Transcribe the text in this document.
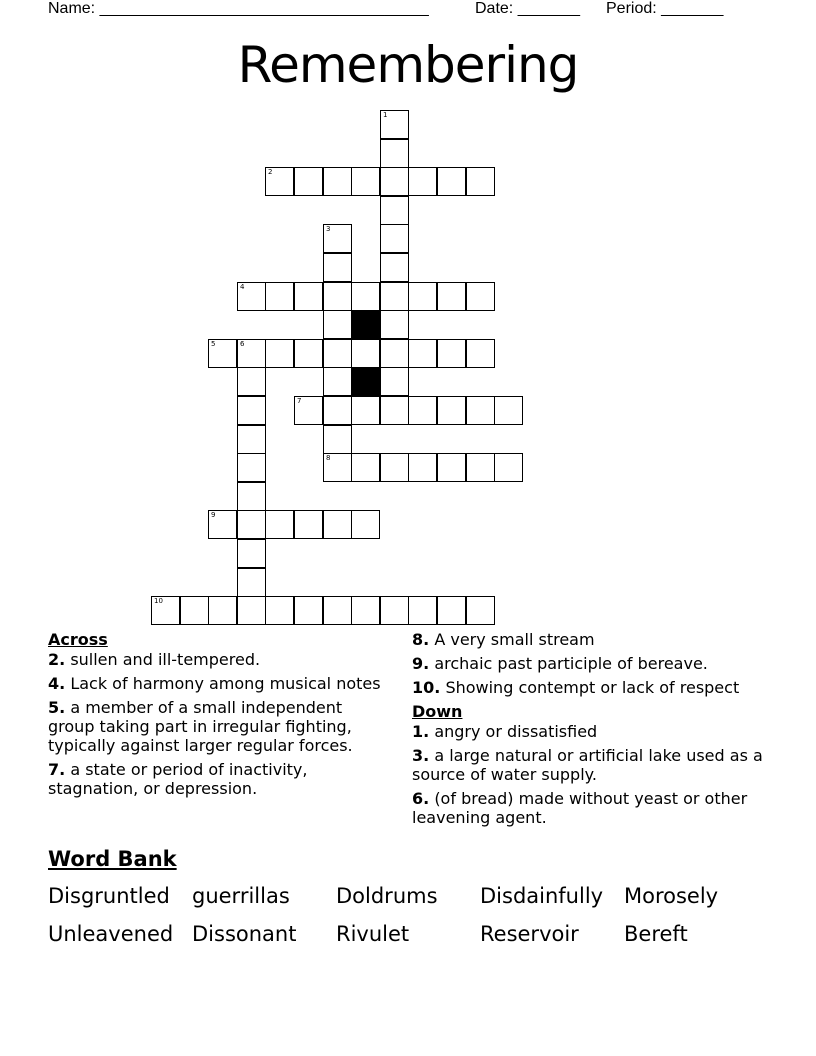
Name: _____________________________________	Date: _______ Period: _______
Remembering
1
2
3
8
4
5	6
7
9
10
Across
2. sullen and ill-tempered.
4. Lack of harmony among musical notes
5. a member of a small independent group taking part in irregular fighting, typically against larger regular forces.
7. a state or period of inactivity, stagnation, or depression.
8. A very small stream
9. archaic past participle of bereave.
10. Showing contempt or lack of respect
Down
1. angry or dissatisfied
3. a large natural or artificial lake used as a source of water supply.
6. (of bread) made without yeast or other leavening agent.
Word Bank
Disgruntled guerrillas Doldrums Disdainfully Morosely
Unleavened Dissonant Rivulet	Reservoir Bereft
